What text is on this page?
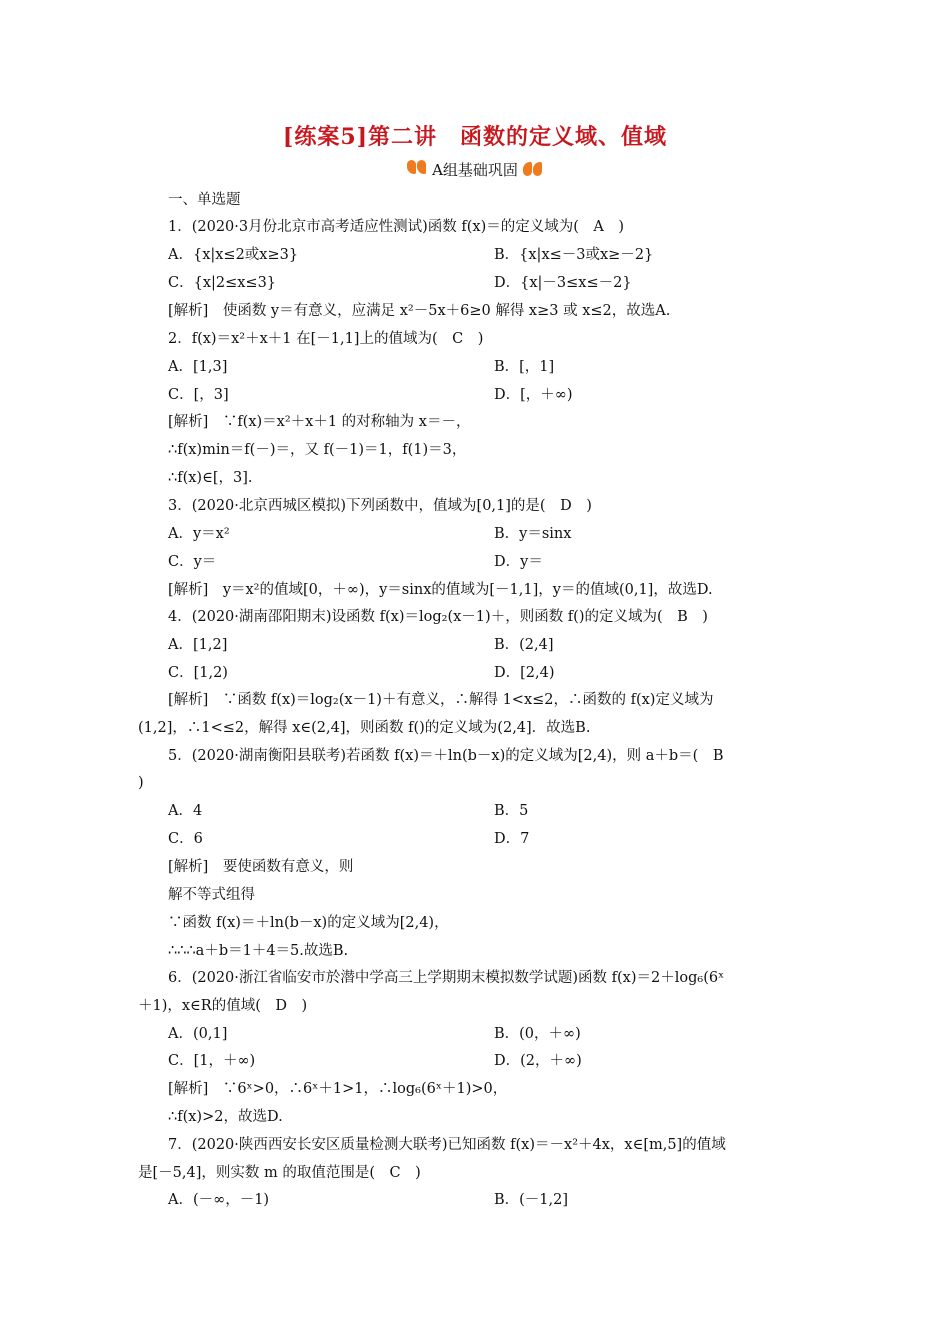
[练案5]第二讲　函数的定义域、值域
A组基础巩固
一、单选题
1．(2020·3月份北京市高考适应性测试)函数 f(x)＝的定义域为(　A　)
A．{x|x≤2或x≥3}	B．{x|x≤－3或x≥－2}
C．{x|2≤x≤3}	D．{x|－3≤x≤－2}
[解析]　使函数 y＝有意义，应满足 x²－5x＋6≥0 解得 x≥3 或 x≤2，故选A.
2．f(x)＝x²＋x＋1 在[－1,1]上的值域为(　C　)
A．[1,3]	B．[，1]
C．[，3]	D．[，＋∞)
[解析]　∵f(x)＝x²＋x＋1 的对称轴为 x＝－，
∴f(x)min＝f(－)＝，又 f(－1)＝1，f(1)＝3，
∴f(x)∈[，3].
3．(2020·北京西城区模拟)下列函数中，值域为[0,1]的是(　D　)
A．y＝x²	B．y＝sinx
C．y＝	D．y＝
[解析]　y＝x²的值域[0，＋∞)，y＝sinx的值域为[－1,1]，y＝的值域(0,1]，故选D.
4．(2020·湖南邵阳期末)设函数 f(x)＝log₂(x－1)＋，则函数 f()的定义域为(　B　)
A．[1,2]	B．(2,4]
C．[1,2)	D．[2,4)
[解析]　∵函数 f(x)＝log₂(x－1)＋有意义，∴解得 1<x≤2，∴函数的 f(x)定义域为
(1,2]，∴1<≤2，解得 x∈(2,4]，则函数 f()的定义域为(2,4]．故选B.
5．(2020·湖南衡阳县联考)若函数 f(x)＝＋ln(b－x)的定义域为[2,4)，则 a＋b＝(　B
)
A．4	B．5
C．6	D．7
[解析]　要使函数有意义，则
解不等式组得
∵函数 f(x)＝＋ln(b－x)的定义域为[2,4)，
∴∴∴a＋b＝1＋4＝5.故选B.
6．(2020·浙江省临安市於潜中学高三上学期期末模拟数学试题)函数 f(x)＝2＋log₆(6ˣ
＋1)，x∈R的值域(　D　)
A．(0,1]	B．(0，＋∞)
C．[1，＋∞)	D．(2，＋∞)
[解析]　∵6ˣ>0，∴6ˣ＋1>1，∴log₆(6ˣ＋1)>0，
∴f(x)>2，故选D.
7．(2020·陕西西安长安区质量检测大联考)已知函数 f(x)＝－x²＋4x，x∈[m,5]的值域
是[－5,4]，则实数 m 的取值范围是(　C　)
A．(－∞，－1)	B．(－1,2]
